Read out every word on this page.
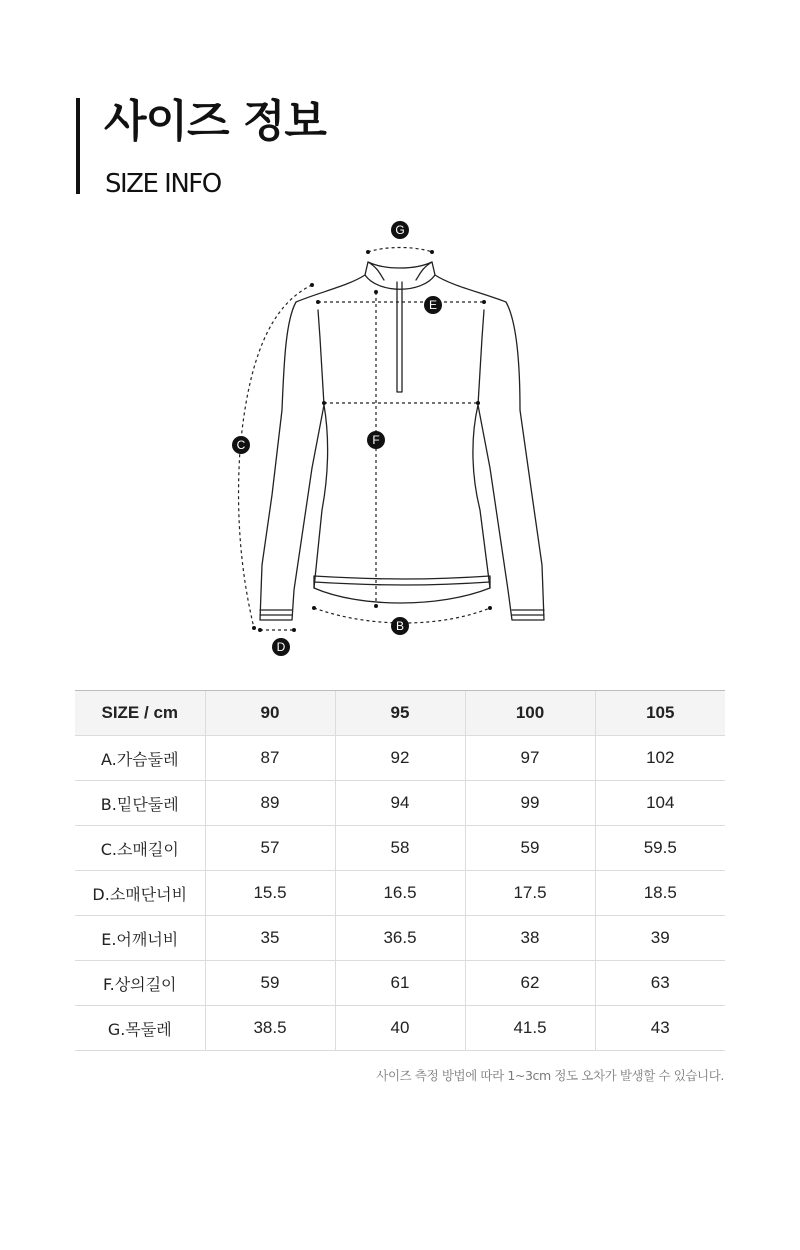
사이즈 정보
SIZE INFO
G
E
F
C
B
D
SIZE / cm	90	95	100	105
A.가슴둘레	87	92	97	102
B.밑단둘레	89	94	99	104
C.소매길이	57	58	59	59.5
D.소매단너비	15.5	16.5	17.5	18.5
E.어깨너비	35	36.5	38	39
F.상의길이	59	61	62	63
G.목둘레	38.5	40	41.5	43
사이즈 측정 방법에 따라 1~3cm 정도 오차가 발생할 수 있습니다.
